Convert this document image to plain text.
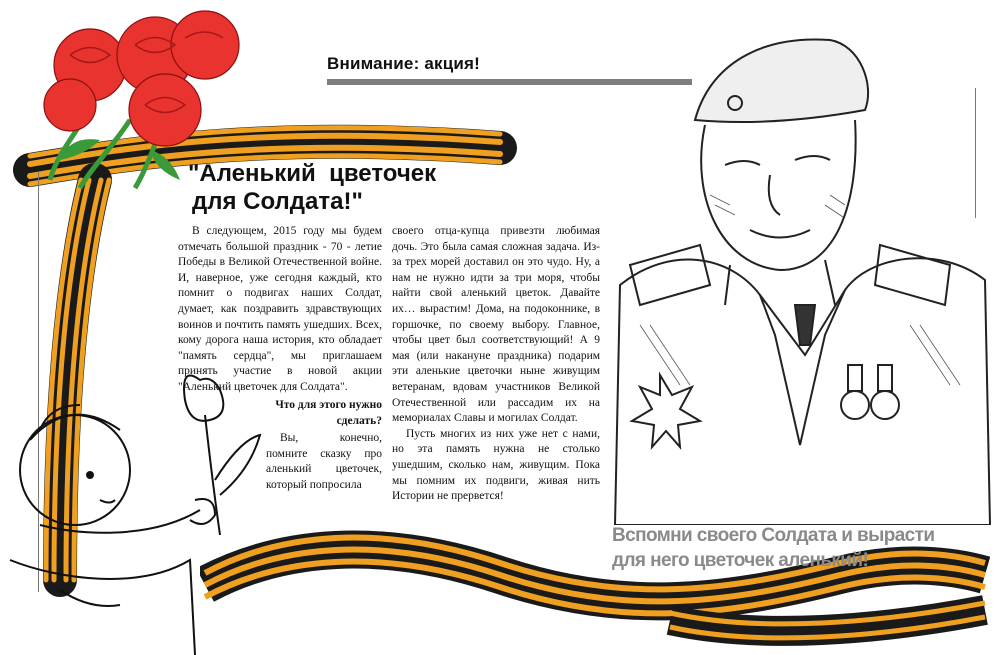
Внимание: акция!
"Аленький  цветочек
для Солдата!"

В следующем, 2015 году мы будем отмечать большой праздник - 70 - летие Победы в Великой Отечественной войне. И, наверное, уже сегодня каждый, кто помнит о подвигах наших Солдат, думает, как поздравить здравствующих воинов и почтить память ушедших. Всех, кому дорога наша история, кто обладает "память сердца", мы приглашаем принять участие в новой акции "Аленький цветочек для Солдата".

Что для этого нужно сделать?

Вы, конечно, помните сказку про аленький цветочек, который попросила

своего отца-купца привезти любимая дочь. Это была самая сложная задача. Из-за трех морей доставил он это чудо. Ну, а нам не нужно идти за три моря, чтобы найти свой аленький цветок. Давайте их… вырастим! Дома, на подоконнике, в горшочке, по своему выбору. Главное, чтобы цвет был соответствующий! А 9 мая (или накануне праздника) подарим эти аленькие цветочки ныне живущим ветеранам, вдовам участников Великой Отечественной или рассадим их на мемориалах Славы и могилах Солдат.

Пусть многих из них уже нет с нами, но эта память нужна не столько ушедшим, сколько нам, живущим. Пока мы помним их подвиги, живая нить Истории не прервется!

Вспомни своего Солдата и вырасти
для него цветочек аленький!
